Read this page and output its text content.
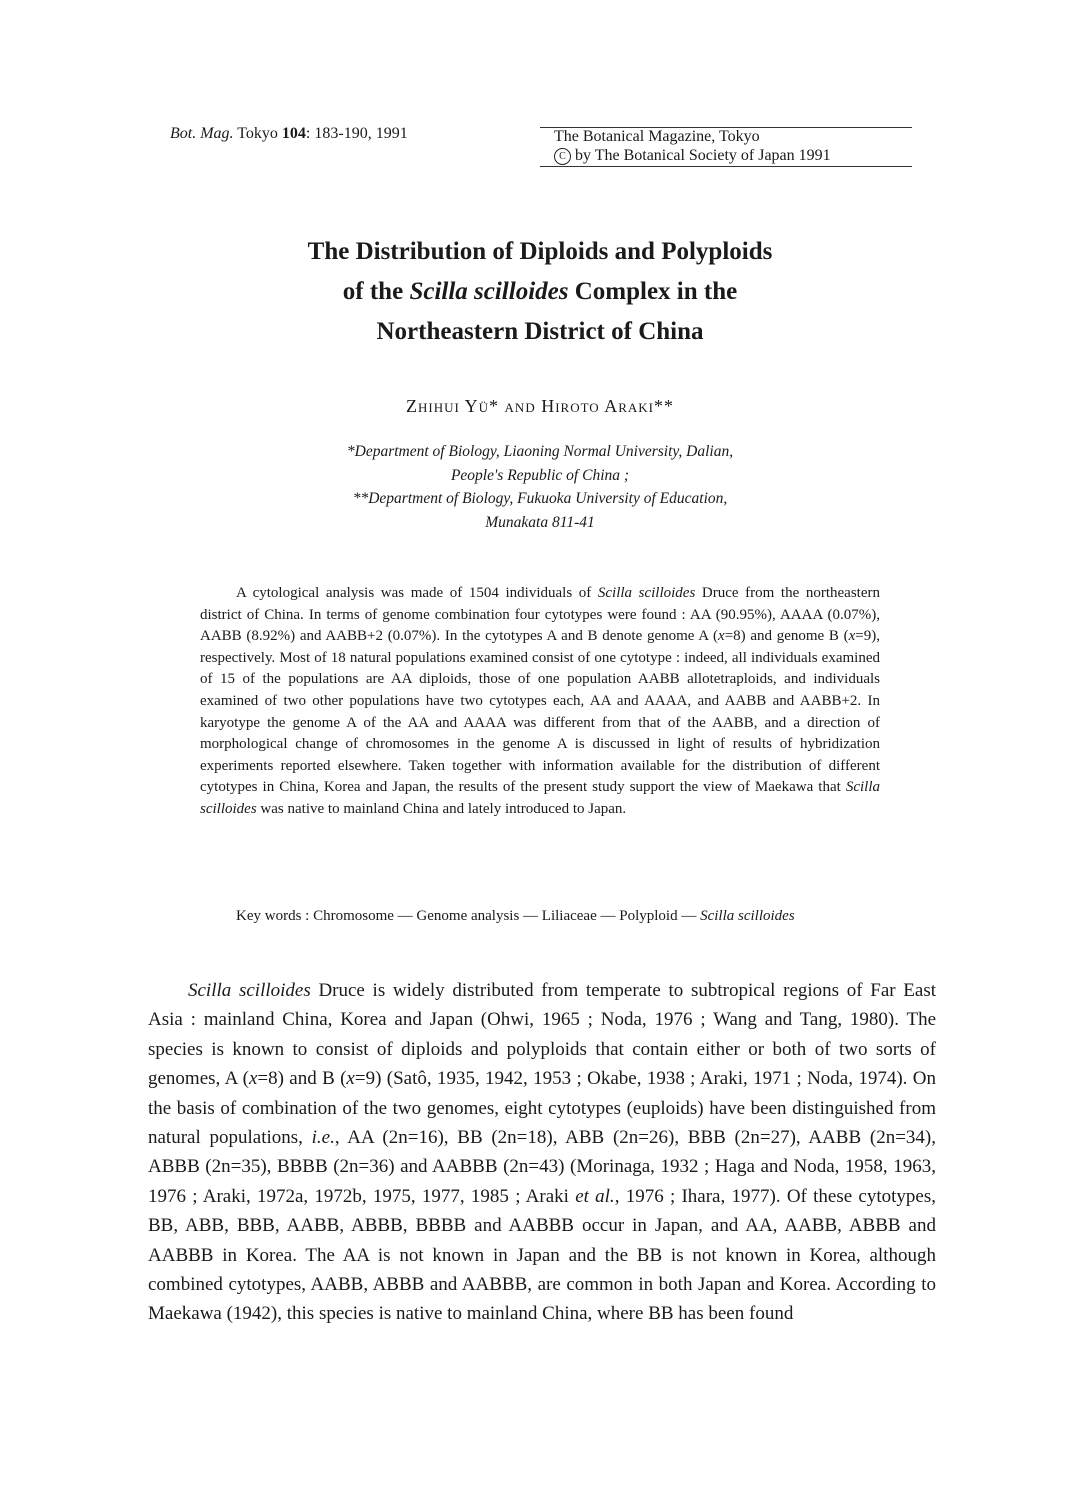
Bot. Mag. Tokyo 104: 183-190, 1991	The Botanical Magazine, Tokyo
C by The Botanical Society of Japan 1991
The Distribution of Diploids and Polyploids
of the Scilla scilloides Complex in the
Northeastern District of China
Zhihui Yü* and Hiroto Araki**
*Department of Biology, Liaoning Normal University, Dalian,
People's Republic of China ;
**Department of Biology, Fukuoka University of Education,
Munakata 811-41
A cytological analysis was made of 1504 individuals of Scilla scilloides Druce from the northeastern district of China. In terms of genome combination four cytotypes were found : AA (90.95%), AAAA (0.07%), AABB (8.92%) and AABB+2 (0.07%). In the cytotypes A and B denote genome A (x=8) and genome B (x=9), respectively. Most of 18 natural populations examined consist of one cytotype : indeed, all individuals examined of 15 of the populations are AA diploids, those of one population AABB allotetraploids, and individuals examined of two other populations have two cytotypes each, AA and AAAA, and AABB and AABB+2. In karyotype the genome A of the AA and AAAA was different from that of the AABB, and a direction of morphological change of chromosomes in the genome A is discussed in light of results of hybridization experiments reported elsewhere. Taken together with information available for the distribution of different cytotypes in China, Korea and Japan, the results of the present study support the view of Maekawa that Scilla scilloides was native to mainland China and lately introduced to Japan.
Key words : Chromosome — Genome analysis — Liliaceae — Polyploid — Scilla scilloides
Scilla scilloides Druce is widely distributed from temperate to subtropical regions of Far East Asia : mainland China, Korea and Japan (Ohwi, 1965 ; Noda, 1976 ; Wang and Tang, 1980). The species is known to consist of diploids and polyploids that contain either or both of two sorts of genomes, A (x=8) and B (x=9) (Satô, 1935, 1942, 1953 ; Okabe, 1938 ; Araki, 1971 ; Noda, 1974). On the basis of combination of the two genomes, eight cytotypes (euploids) have been distinguished from natural populations, i.e., AA (2n=16), BB (2n=18), ABB (2n=26), BBB (2n=27), AABB (2n=34), ABBB (2n=35), BBBB (2n=36) and AABBB (2n=43) (Morinaga, 1932 ; Haga and Noda, 1958, 1963, 1976 ; Araki, 1972a, 1972b, 1975, 1977, 1985 ; Araki et al., 1976 ; Ihara, 1977). Of these cytotypes, BB, ABB, BBB, AABB, ABBB, BBBB and AABBB occur in Japan, and AA, AABB, ABBB and AABBB in Korea. The AA is not known in Japan and the BB is not known in Korea, although combined cytotypes, AABB, ABBB and AABBB, are common in both Japan and Korea. According to Maekawa (1942), this species is native to mainland China, where BB has been found
